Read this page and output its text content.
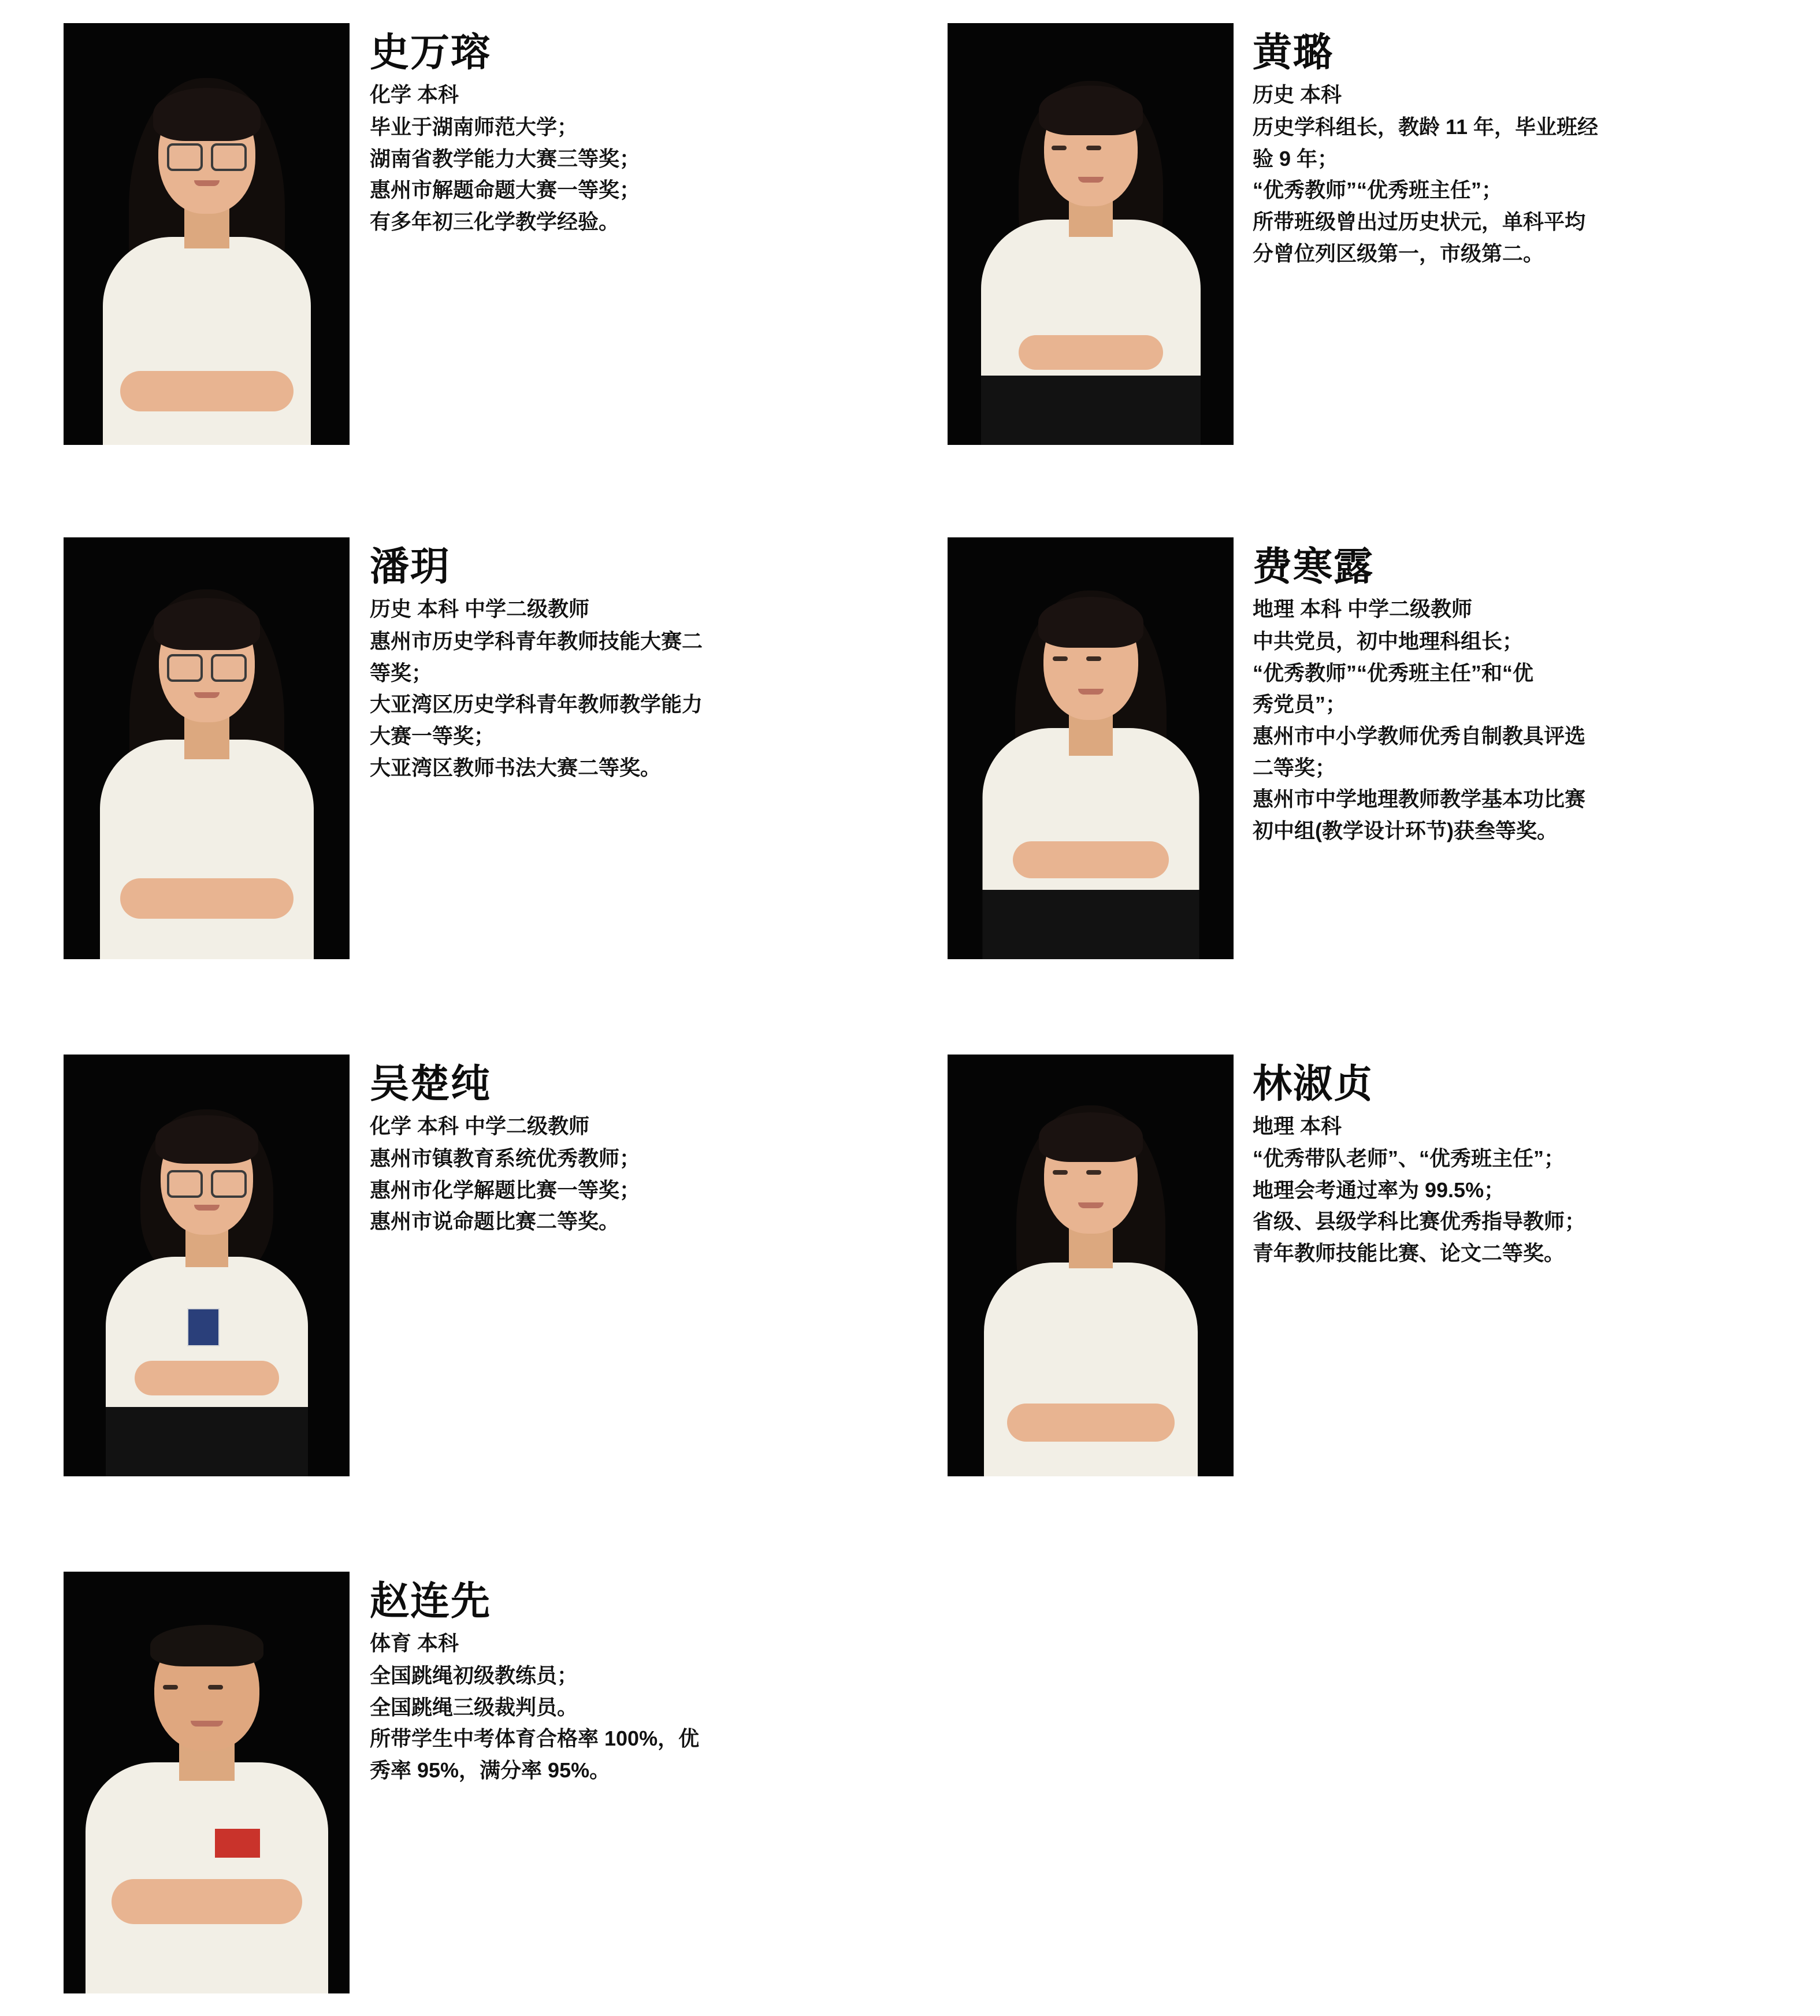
史万瑢
化学 本科
毕业于湖南师范大学；
湖南省教学能力大赛三等奖；
惠州市解题命题大赛一等奖；
有多年初三化学教学经验。
黄璐
历史 本科
历史学科组长，教龄 11 年，毕业班经
验 9 年；
“优秀教师”“优秀班主任”；
所带班级曾出过历史状元，单科平均
分曾位列区级第一，市级第二。
潘玥
历史 本科 中学二级教师
惠州市历史学科青年教师技能大赛二
等奖；
大亚湾区历史学科青年教师教学能力
大赛一等奖；
大亚湾区教师书法大赛二等奖。
费寒露
地理 本科 中学二级教师
中共党员，初中地理科组长；
“优秀教师”“优秀班主任”和“优
秀党员”；
惠州市中小学教师优秀自制教具评选
二等奖；
惠州市中学地理教师教学基本功比赛
初中组(教学设计环节)获叁等奖。
吴楚纯
化学 本科 中学二级教师
惠州市镇教育系统优秀教师；
惠州市化学解题比赛一等奖；
惠州市说命题比赛二等奖。
林淑贞
地理 本科
“优秀带队老师”、“优秀班主任”；
地理会考通过率为 99.5%；
省级、县级学科比赛优秀指导教师；
青年教师技能比赛、论文二等奖。
赵连先
体育 本科
全国跳绳初级教练员；
全国跳绳三级裁判员。
所带学生中考体育合格率 100%，优
秀率 95%，满分率 95%。
